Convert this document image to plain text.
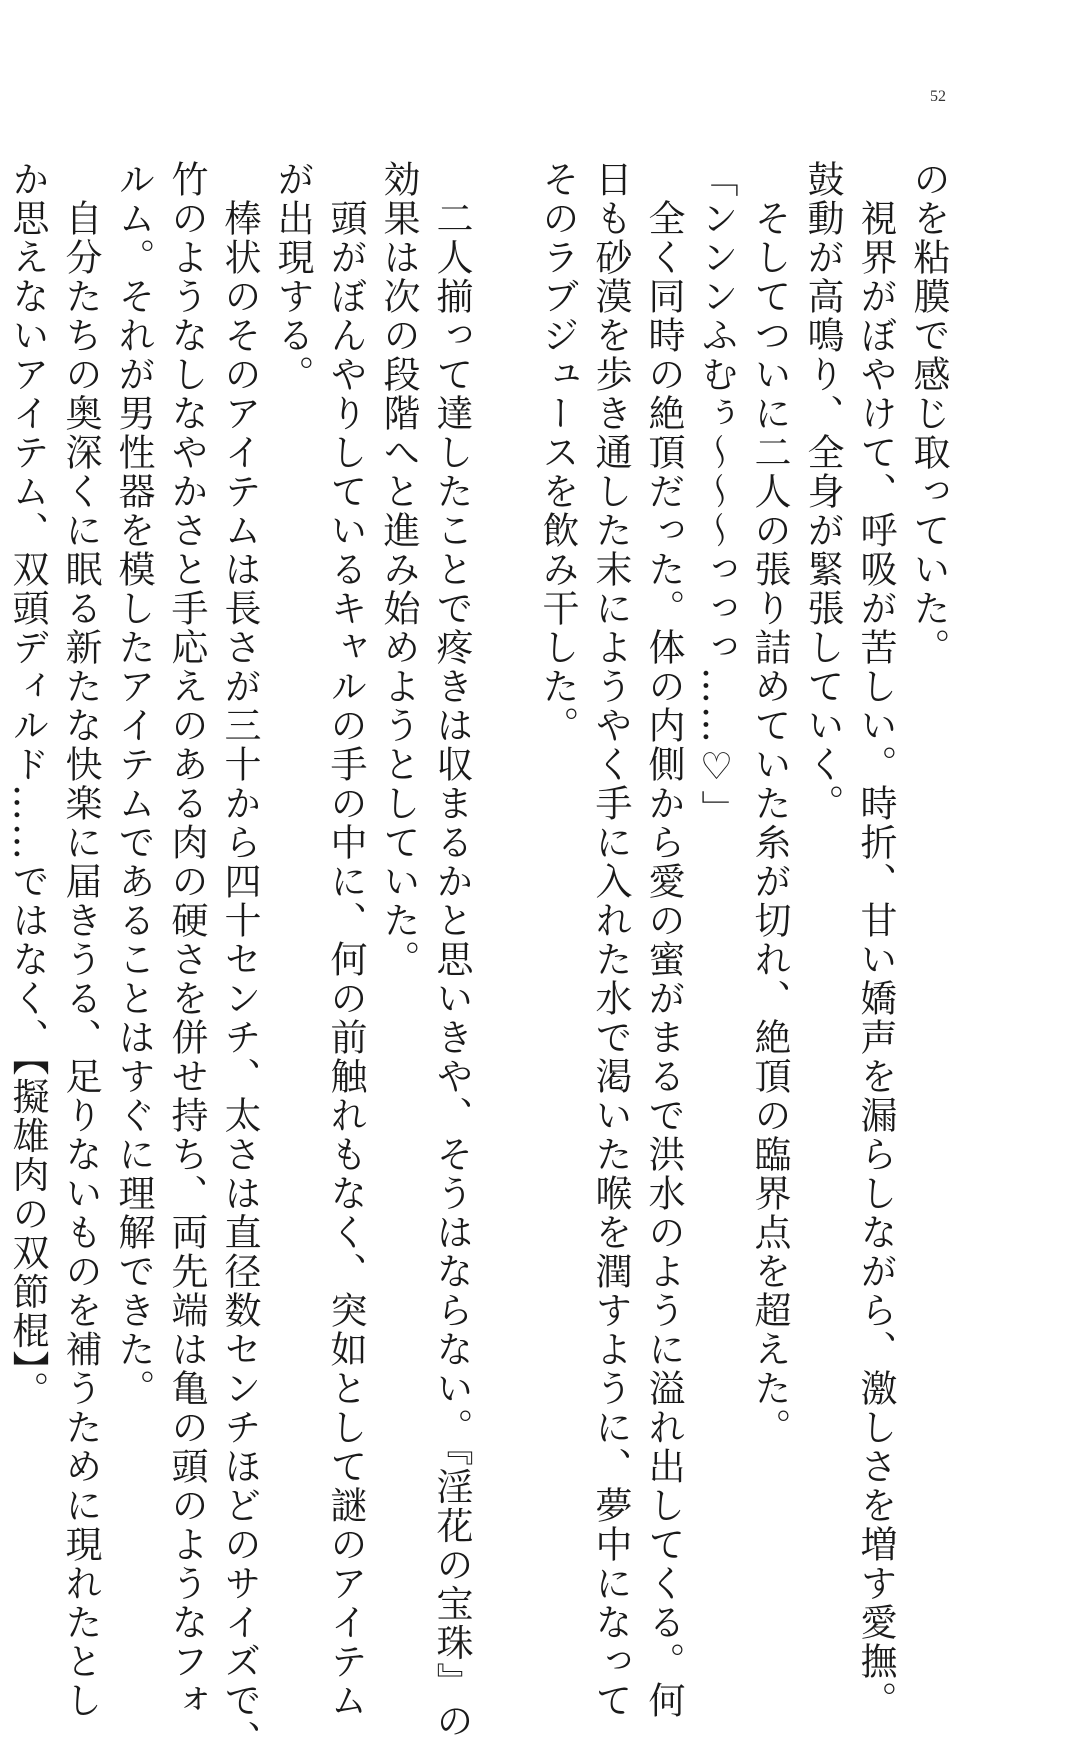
52
のを粘膜で感じ取っていた。
　視界がぼやけて、呼吸が苦しい。時折、甘い嬌声を漏らしながら、激しさを増す愛撫。
鼓動が高鳴り、全身が緊張していく。
　そしてついに二人の張り詰めていた糸が切れ、絶頂の臨界点を超えた。
「ンンンふむぅ〜〜〜っっっ……♡」
　全く同時の絶頂だった。体の内側から愛の蜜がまるで洪水のように溢れ出してくる。何
日も砂漠を歩き通した末にようやく手に入れた水で渇いた喉を潤すように、夢中になって
そのラブジュースを飲み干した。
　二人揃って達したことで疼きは収まるかと思いきや、そうはならない。『淫花の宝珠』の
効果は次の段階へと進み始めようとしていた。
　頭がぼんやりしているキャルの手の中に、何の前触れもなく、突如として謎のアイテム
が出現する。
　棒状のそのアイテムは長さが三十から四十センチ、太さは直径数センチほどのサイズで、
竹のようなしなやかさと手応えのある肉の硬さを併せ持ち、両先端は亀の頭のようなフォ
ルム。それが男性器を模したアイテムであることはすぐに理解できた。
　自分たちの奥深くに眠る新たな快楽に届きうる、足りないものを補うために現れたとし
か思えないアイテム、双頭ディルド……ではなく、【擬雄肉の双節棍】。
